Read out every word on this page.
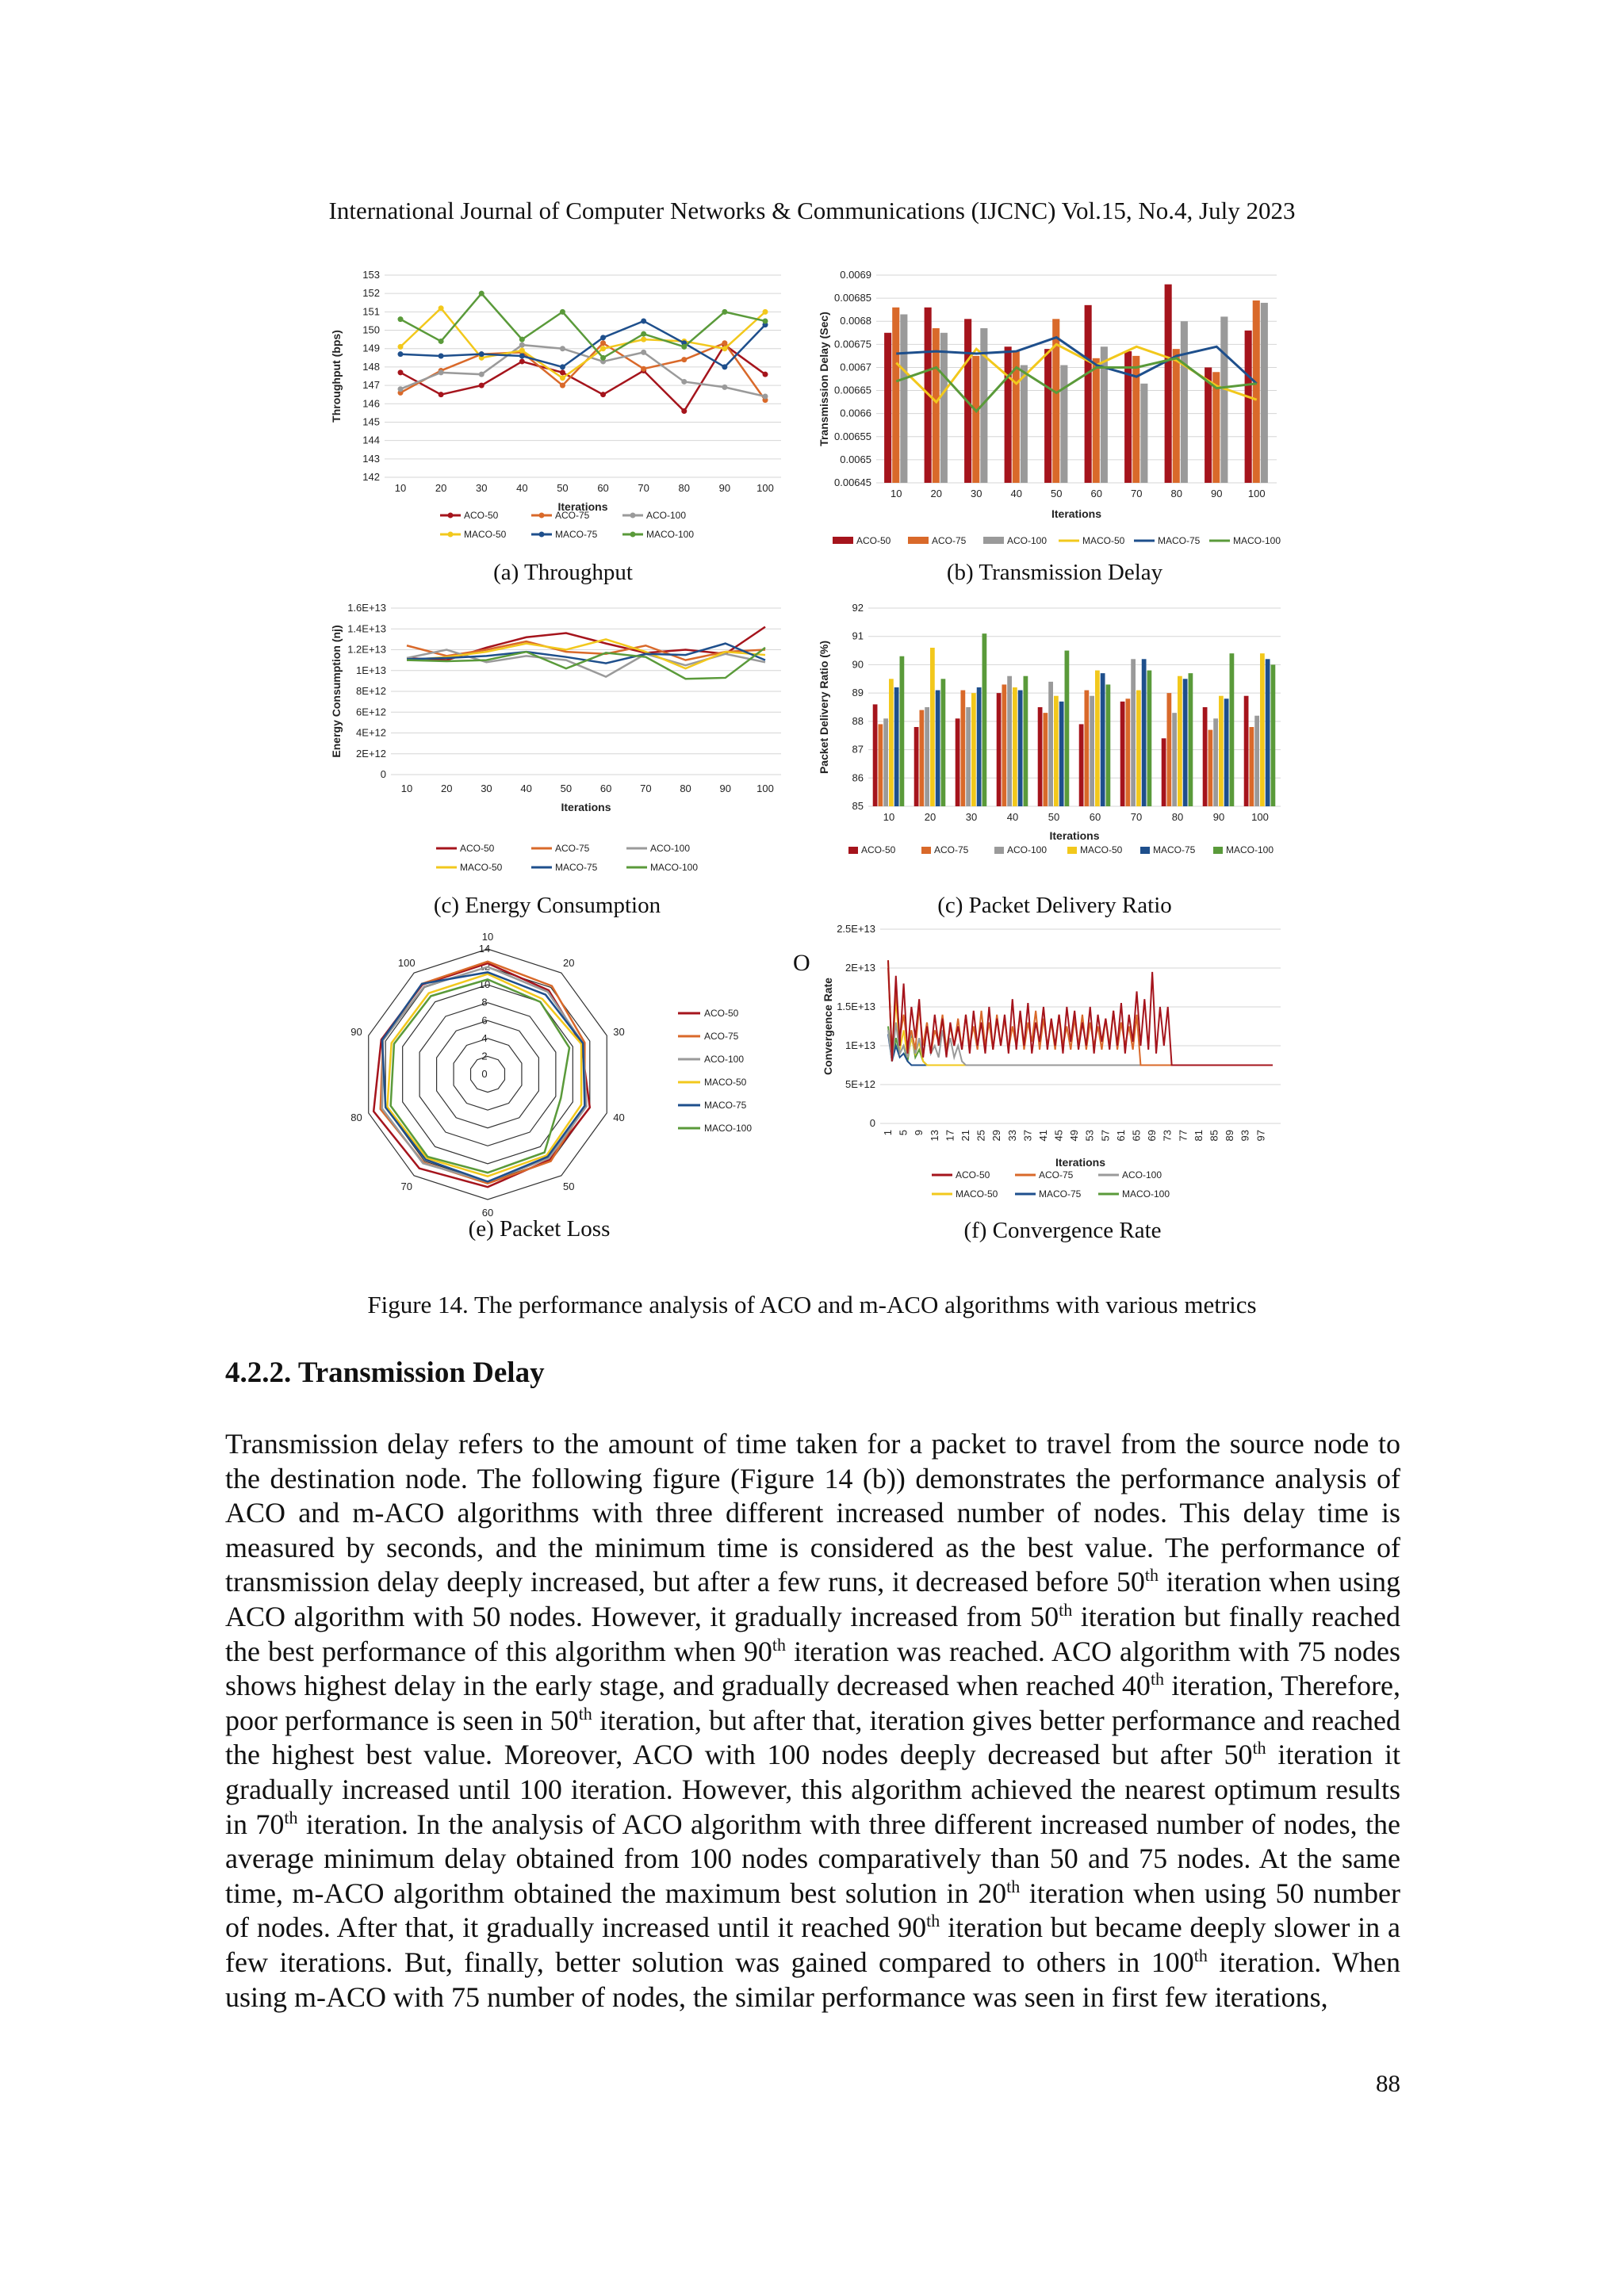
International Journal of Computer Networks & Communications (IJCNC) Vol.15, No.4, July 2023
153
152
151
150
149
148
147
146
145
144
143
142
Throughput (bps)
Iterations
10	20	30	40	50	60	70	80	90	100
ACO-50	ACO-75	ACO-100
MACO-50	MACO-75	MACO-100
(a) Throughput
0.0069
0.00685
0.0068
0.00675
0.0067
0.00665
0.0066
0.00655
0.0065
0.00645
Transmission Delay (Sec)
Iterations
10	20	30	40	50	60	70	80	90 100
ACO-50	ACO-75	ACO-100	MACO-50	MACO-75	MACO-100
(b) Transmission Delay
1.6E+13
1.4E+13
1.2E+13
1E+13
8E+12
6E+12
4E+12
2E+12
0
Energy Consumption (nj)
Iterations
10	20	30	40	50	60	70	80	90 100
ACO-50	ACO-75	ACO-100
MACO-50	MACO-75	MACO-100
(c) Energy Consumption
92
91
90
89
88
87
86
85
Packet Delivery Ratio (%)
Iterations
10	20	30	40	50	60	70	80	90	100
ACO-50	ACO-75	ACO-100	MACO-50	MACO-75	MACO-100
(c) Packet Delivery Ratio
0
2
4
6
8
10
12
14
10
20
30
40
50
60
70
80
90
100
ACO-50
ACO-75
ACO-100
MACO-50
MACO-75
MACO-100
(e) Packet Loss
O
2.5E+13
2E+13
1.5E+13
1E+13
5E+12
0
Convergence Rate
Iterations
1 5 9 13 17 21 25 29 33 37 41 45 49 53 57 61 65 69 73 77 81 85 89 93 97
ACO-50	ACO-75	ACO-100
MACO-50	MACO-75	MACO-100
(f) Convergence Rate
Figure 14. The performance analysis of ACO and m-ACO algorithms with various metrics
4.2.2. Transmission Delay

Transmission delay refers to the amount of time taken for a packet to travel from the source node to the destination node. The following figure (Figure 14 (b)) demonstrates the performance analysis of ACO and m-ACO algorithms with three different increased number of nodes. This delay time is measured by seconds, and the minimum time is considered as the best value. The performance of transmission delay deeply increased, but after a few runs, it decreased before 50th iteration when using ACO algorithm with 50 nodes. However, it gradually increased from 50th iteration but finally reached the best performance of this algorithm when 90th iteration was reached. ACO algorithm with 75 nodes shows highest delay in the early stage, and gradually decreased when reached 40th iteration, Therefore, poor performance is seen in 50th iteration, but after that, iteration gives better performance and reached the highest best value. Moreover, ACO with 100 nodes deeply decreased but after 50th iteration it gradually increased until 100 iteration. However, this algorithm achieved the nearest optimum results in 70th iteration. In the analysis of ACO algorithm with three different increased number of nodes, the average minimum delay obtained from 100 nodes comparatively than 50 and 75 nodes. At the same time, m-ACO algorithm obtained the maximum best solution in 20th iteration when using 50 number of nodes. After that, it gradually increased until it reached 90th iteration but became deeply slower in a few iterations. But, finally, better solution was gained compared to others in 100th iteration. When using m-ACO with 75 number of nodes, the similar performance was seen in first few iterations,

88
